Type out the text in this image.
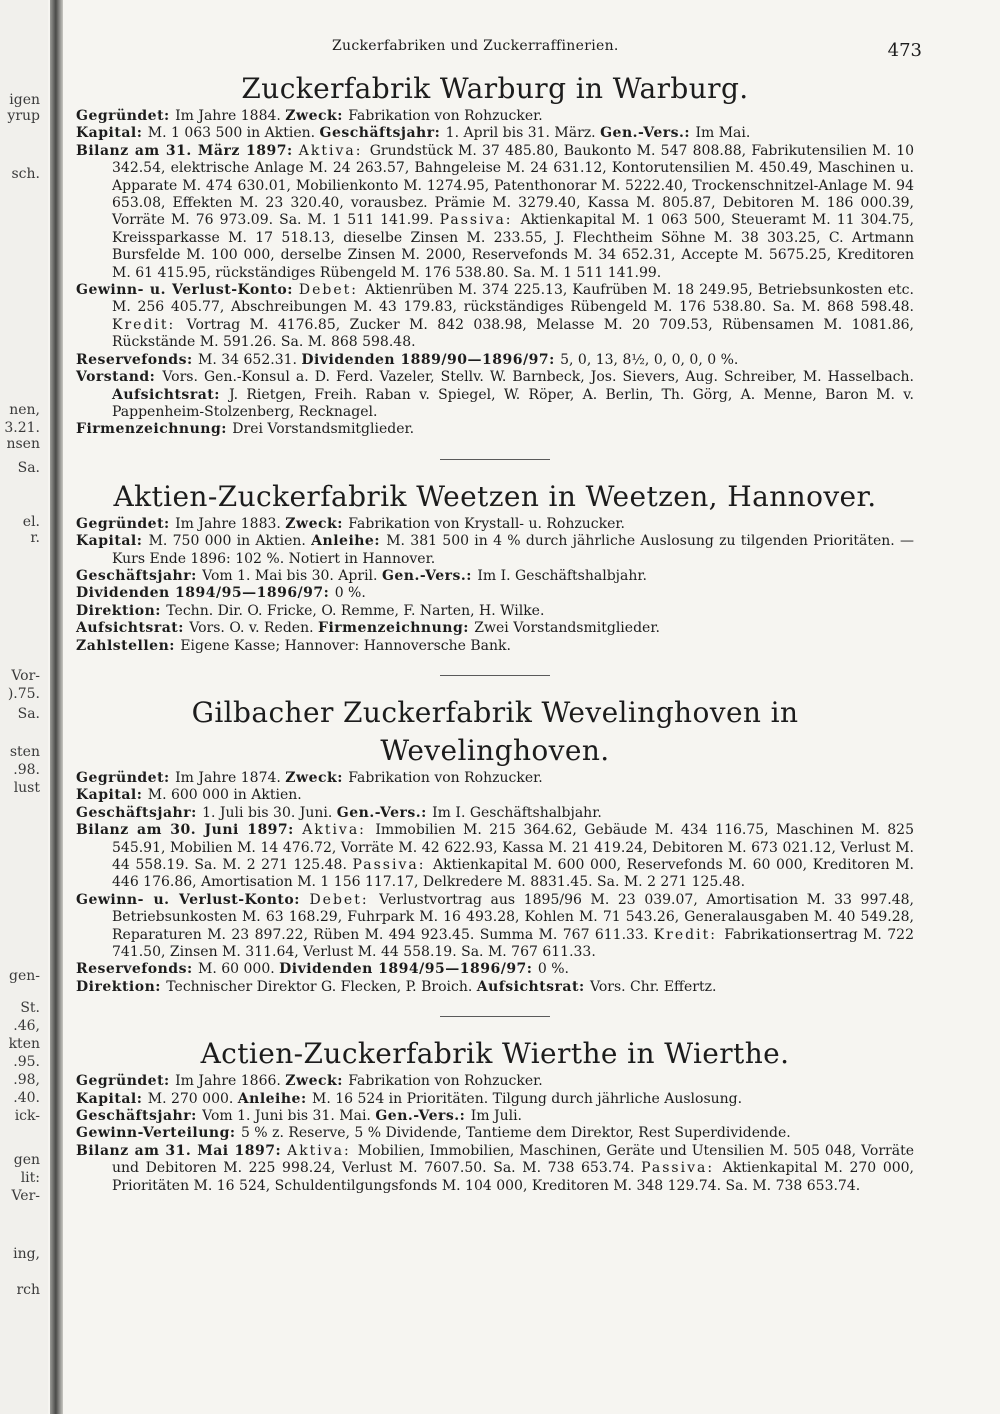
igen
yrup
sch.
nen,
3.21.
nsen
Sa.
el.
r.
Vor-
).75.
Sa.
sten
.98.
lust
gen-
St.
.46,
kten
.95.
.98,
.40.
ick-
gen
lit:
Ver-
ing,
rch
Zuckerfabriken und Zuckerraffinerien.	473
Zuckerfabrik Warburg in Warburg.

Gegründet: Im Jahre 1884. Zweck: Fabrikation von Rohzucker.

Kapital: M. 1 063 500 in Aktien. Geschäftsjahr: 1. April bis 31. März. Gen.-Vers.: Im Mai.

Bilanz am 31. März 1897: Aktiva: Grundstück M. 37 485.80, Baukonto M. 547 808.88, Fabrikutensilien M. 10 342.54, elektrische Anlage M. 24 263.57, Bahngeleise M. 24 631.12, Kontorutensilien M. 450.49, Maschinen u. Apparate M. 474 630.01, Mobilienkonto M. 1274.95, Patenthonorar M. 5222.40, Trockenschnitzel-Anlage M. 94 653.08, Effekten M. 23 320.40, vorausbez. Prämie M. 3279.40, Kassa M. 805.87, Debitoren M. 186 000.39, Vorräte M. 76 973.09. Sa. M. 1 511 141.99. Passiva: Aktienkapital M. 1 063 500, Steueramt M. 11 304.75, Kreissparkasse M. 17 518.13, dieselbe Zinsen M. 233.55, J. Flechtheim Söhne M. 38 303.25, C. Artmann Bursfelde M. 100 000, derselbe Zinsen M. 2000, Reservefonds M. 34 652.31, Accepte M. 5675.25, Kreditoren M. 61 415.95, rückständiges Rübengeld M. 176 538.80. Sa. M. 1 511 141.99.

Gewinn- u. Verlust-Konto: Debet: Aktienrüben M. 374 225.13, Kaufrüben M. 18 249.95, Betriebsunkosten etc. M. 256 405.77, Abschreibungen M. 43 179.83, rückständiges Rübengeld M. 176 538.80. Sa. M. 868 598.48. Kredit: Vortrag M. 4176.85, Zucker M. 842 038.98, Melasse M. 20 709.53, Rübensamen M. 1081.86, Rückstände M. 591.26. Sa. M. 868 598.48.

Reservefonds: M. 34 652.31. Dividenden 1889/90—1896/97: 5, 0, 13, 8½, 0, 0, 0, 0 %.

Vorstand: Vors. Gen.-Konsul a. D. Ferd. Vazeler, Stellv. W. Barnbeck, Jos. Sievers, Aug. Schreiber, M. Hasselbach. Aufsichtsrat: J. Rietgen, Freih. Raban v. Spiegel, W. Röper, A. Berlin, Th. Görg, A. Menne, Baron M. v. Pappenheim-Stolzenberg, Recknagel.

Firmenzeichnung: Drei Vorstandsmitglieder.

Aktien-Zuckerfabrik Weetzen in Weetzen, Hannover.

Gegründet: Im Jahre 1883. Zweck: Fabrikation von Krystall- u. Rohzucker.

Kapital: M. 750 000 in Aktien. Anleihe: M. 381 500 in 4 % durch jährliche Auslosung zu tilgenden Prioritäten. — Kurs Ende 1896: 102 %. Notiert in Hannover.

Geschäftsjahr: Vom 1. Mai bis 30. April. Gen.-Vers.: Im I. Geschäftshalbjahr.

Dividenden 1894/95—1896/97: 0 %.

Direktion: Techn. Dir. O. Fricke, O. Remme, F. Narten, H. Wilke.

Aufsichtsrat: Vors. O. v. Reden. Firmenzeichnung: Zwei Vorstandsmitglieder.

Zahlstellen: Eigene Kasse; Hannover: Hannoversche Bank.

Gilbacher Zuckerfabrik Wevelinghoven in Wevelinghoven.

Gegründet: Im Jahre 1874. Zweck: Fabrikation von Rohzucker.

Kapital: M. 600 000 in Aktien.

Geschäftsjahr: 1. Juli bis 30. Juni. Gen.-Vers.: Im I. Geschäftshalbjahr.

Bilanz am 30. Juni 1897: Aktiva: Immobilien M. 215 364.62, Gebäude M. 434 116.75, Maschinen M. 825 545.91, Mobilien M. 14 476.72, Vorräte M. 42 622.93, Kassa M. 21 419.24, Debitoren M. 673 021.12, Verlust M. 44 558.19. Sa. M. 2 271 125.48. Passiva: Aktienkapital M. 600 000, Reservefonds M. 60 000, Kreditoren M. 446 176.86, Amortisation M. 1 156 117.17, Delkredere M. 8831.45. Sa. M. 2 271 125.48.

Gewinn- u. Verlust-Konto: Debet: Verlustvortrag aus 1895/96 M. 23 039.07, Amortisation M. 33 997.48, Betriebsunkosten M. 63 168.29, Fuhrpark M. 16 493.28, Kohlen M. 71 543.26, Generalausgaben M. 40 549.28, Reparaturen M. 23 897.22, Rüben M. 494 923.45. Summa M. 767 611.33. Kredit: Fabrikationsertrag M. 722 741.50, Zinsen M. 311.64, Verlust M. 44 558.19. Sa. M. 767 611.33.

Reservefonds: M. 60 000. Dividenden 1894/95—1896/97: 0 %.

Direktion: Technischer Direktor G. Flecken, P. Broich. Aufsichtsrat: Vors. Chr. Effertz.

Actien-Zuckerfabrik Wierthe in Wierthe.

Gegründet: Im Jahre 1866. Zweck: Fabrikation von Rohzucker.

Kapital: M. 270 000. Anleihe: M. 16 524 in Prioritäten. Tilgung durch jährliche Auslosung.

Geschäftsjahr: Vom 1. Juni bis 31. Mai. Gen.-Vers.: Im Juli.

Gewinn-Verteilung: 5 % z. Reserve, 5 % Dividende, Tantieme dem Direktor, Rest Superdividende.

Bilanz am 31. Mai 1897: Aktiva: Mobilien, Immobilien, Maschinen, Geräte und Utensilien M. 505 048, Vorräte und Debitoren M. 225 998.24, Verlust M. 7607.50. Sa. M. 738 653.74. Passiva: Aktienkapital M. 270 000, Prioritäten M. 16 524, Schuldentilgungsfonds M. 104 000, Kreditoren M. 348 129.74. Sa. M. 738 653.74.
